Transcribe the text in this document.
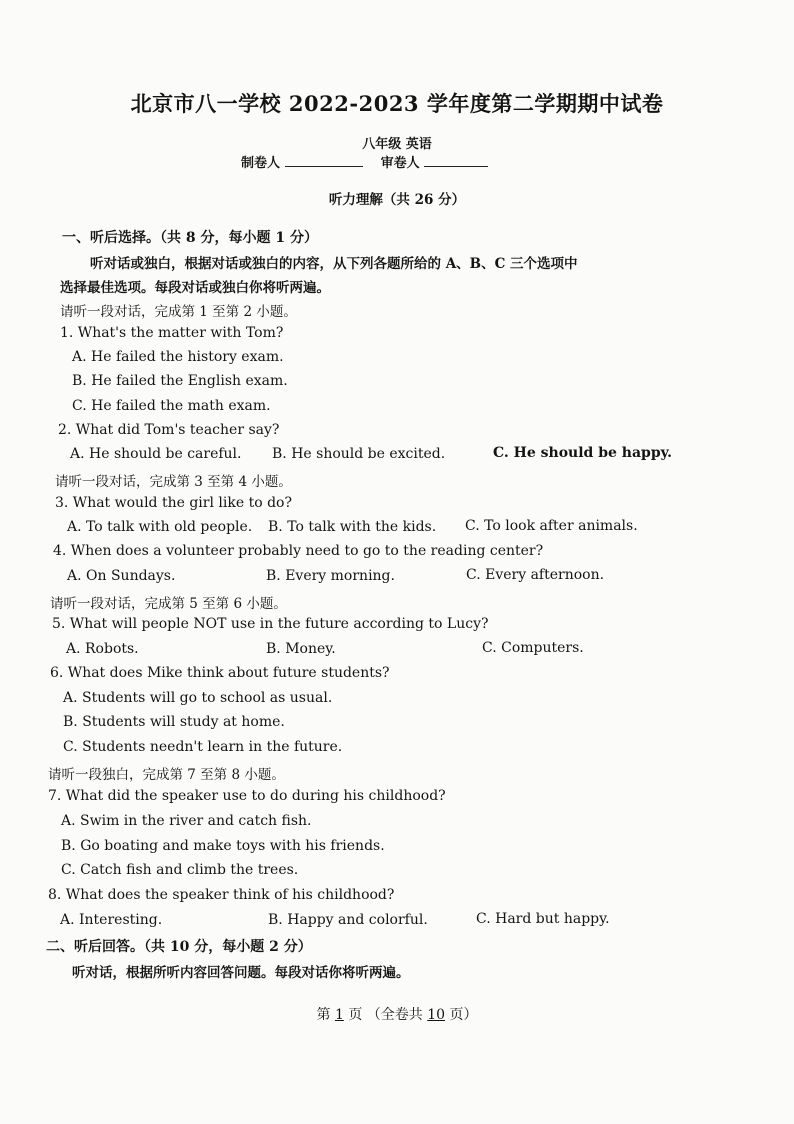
北京市八一学校 2022-2023 学年度第二学期期中试卷
八年级 英语
制卷人	审卷人
听力理解（共 26 分）
一、听后选择。（共 8 分，每小题 1 分）
听对话或独白，根据对话或独白的内容，从下列各题所给的 A、B、C 三个选项中
选择最佳选项。每段对话或独白你将听两遍。
请听一段对话，完成第 1 至第 2 小题。
1. What's the matter with Tom?
A. He failed the history exam.
B. He failed the English exam.
C. He failed the math exam.
2. What did Tom's teacher say?
A. He should be careful. B. He should be excited.	C. He should be happy.
请听一段对话，完成第 3 至第 4 小题。
3. What would the girl like to do?
A. To talk with old people. B. To talk with the kids. C. To look after animals.
4. When does a volunteer probably need to go to the reading center?
A. On Sundays.	B. Every morning.	C. Every afternoon.
请听一段对话，完成第 5 至第 6 小题。
5. What will people NOT use in the future according to Lucy?
A. Robots.	B. Money.	C. Computers.
6. What does Mike think about future students?
A. Students will go to school as usual.
B. Students will study at home.
C. Students needn't learn in the future.
请听一段独白，完成第 7 至第 8 小题。
7. What did the speaker use to do during his childhood?
A. Swim in the river and catch fish.
B. Go boating and make toys with his friends.
C. Catch fish and climb the trees.
8. What does the speaker think of his childhood?
A. Interesting.	B. Happy and colorful.	C. Hard but happy.
二、听后回答。（共 10 分，每小题 2 分）
听对话，根据所听内容回答问题。每段对话你将听两遍。
第 1 页 （全卷共 10 页）
